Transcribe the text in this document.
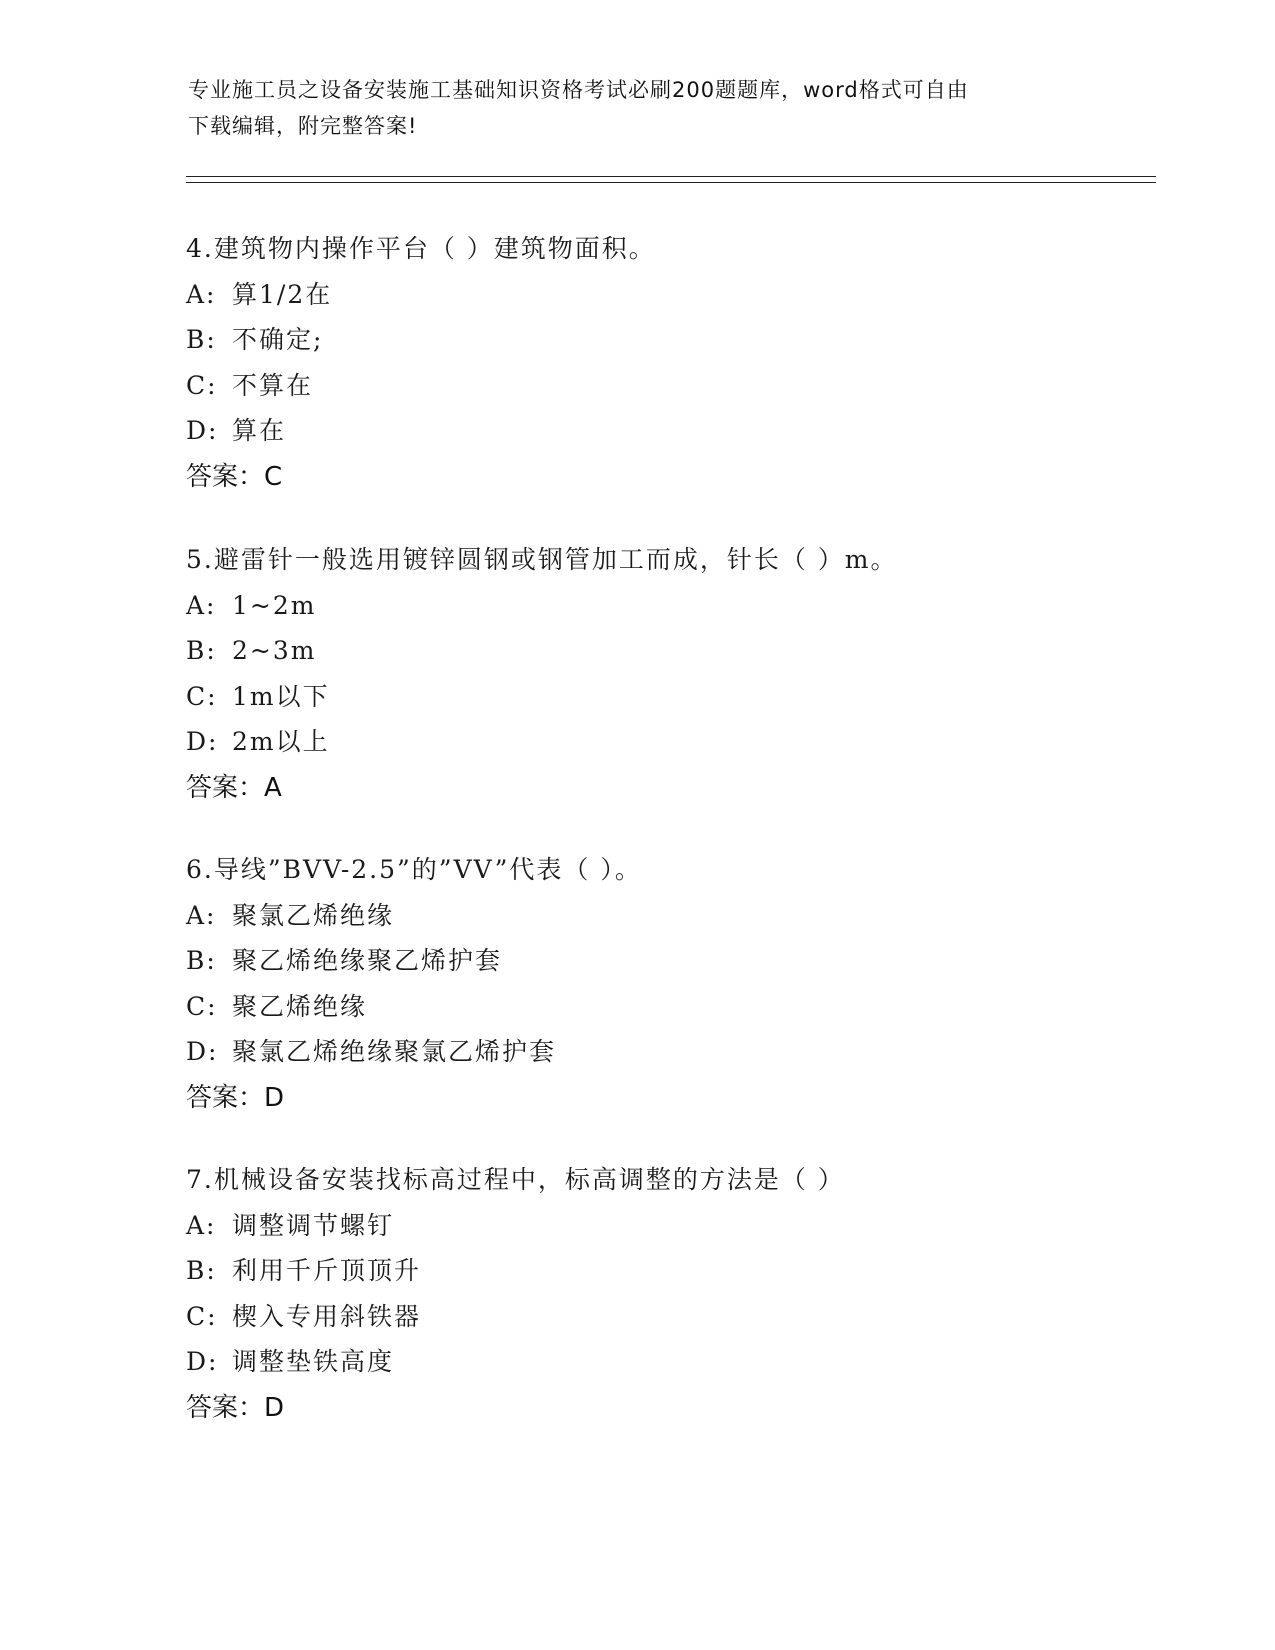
专业施工员之设备安装施工基础知识资格考试必刷200题题库，word格式可自由
下载编辑，附完整答案!
4.建筑物内操作平台（ ）建筑物面积。
A: 算1/2在
B: 不确定;
C: 不算在
D: 算在
答案：C
5.避雷针一般选用镀锌圆钢或钢管加工而成，针长（ ）m。
A: 1~2m
B: 2~3m
C: 1m以下
D: 2m以上
答案：A
6.导线”BVV-2.5”的”VV”代表（ ）。
A: 聚氯乙烯绝缘
B: 聚乙烯绝缘聚乙烯护套
C: 聚乙烯绝缘
D: 聚氯乙烯绝缘聚氯乙烯护套
答案：D
7.机械设备安装找标高过程中，标高调整的方法是（ ）
A: 调整调节螺钉
B: 利用千斤顶顶升
C: 楔入专用斜铁器
D: 调整垫铁高度
答案：D
